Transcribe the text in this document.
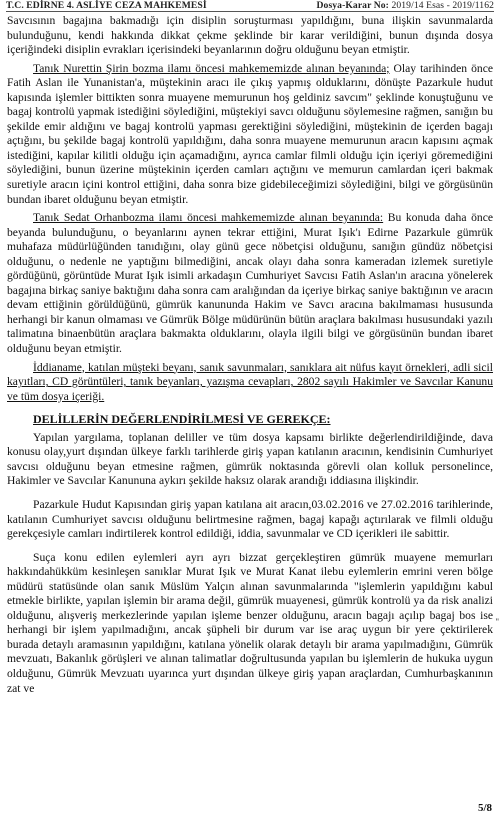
T.C. EDİRNE 4. ASLİYE CEZA MAHKEMESİ	Dosya-Karar No: 2019/14 Esas - 2019/1162

Savcısının bagajına bakmadığı için disiplin soruşturması yapıldığını, buna ilişkin savunmalarda bulunduğunu, kendi hakkında dikkat çekme şeklinde bir karar verildiğini, bunun dışında dosya içeriğindeki disiplin evrakları içerisindeki beyanlarının doğru olduğunu beyan etmiştir.

Tanık Nurettin Şirin bozma ilamı öncesi mahkememizde alınan beyanında; Olay tarihinden önce Fatih Aslan ile Yunanistan'a, müştekinin aracı ile çıkış yapmış olduklarını, dönüşte Pazarkule hudut kapısında işlemler bittikten sonra muayene memurunun hoş geldiniz savcım" şeklinde konuştuğunu ve bagaj kontrolü yapmak istediğini söylediğini, müştekiyi savcı olduğunu söylemesine rağmen, sanığın bu şekilde emir aldığını ve bagaj kontrolü yapması gerektiğini söylediğini, müştekinin de içerden bagajı açtığını, bu şekilde bagaj kontrolü yapıldığını, daha sonra muayene memurunun aracın kapısını açmak istediğini, kapılar kilitli olduğu için açamadığını, ayrıca camlar filmli olduğu için içeriyi göremediğini söylediğini, bunun üzerine müştekinin içerden camları açtığını ve memurun camlardan içeri bakmak suretiyle aracın içini kontrol ettiğini, daha sonra bize gidebileceğimizi söylediğini, bilgi ve görgüsünün bundan ibaret olduğunu beyan etmiştir.

Tanık Sedat Orhanbozma ilamı öncesi mahkememizde alınan beyanında: Bu konuda daha önce beyanda bulunduğunu, o beyanlarını aynen tekrar ettiğini, Murat Işık'ı Edirne Pazarkule gümrük muhafaza müdürlüğünden tanıdığını, olay günü gece nöbetçisi olduğunu, sanığın gündüz nöbetçisi olduğunu, o nedenle ne yaptığını bilmediğini, ancak olayı daha sonra kameradan izlemek suretiyle gördüğünü, görüntüde Murat Işık isimli arkadaşın Cumhuriyet Savcısı Fatih Aslan'ın aracına yönelerek bagajına birkaç saniye baktığını daha sonra cam aralığından da içeriye birkaç saniye baktığının ve aracın devam ettiğinin görüldüğünü, gümrük kanununda Hakim ve Savcı aracına bakılmaması hususunda herhangi bir kanun olmaması ve Gümrük Bölge müdürünün bütün araçlara bakılması hususundaki yazılı talimatına binaenbütün araçlara bakmakta olduklarını, olayla ilgili bilgi ve görgüsünün bundan ibaret olduğunu beyan etmiştir.

İddianame, katılan müşteki beyanı, sanık savunmaları, sanıklara ait nüfus kayıt örnekleri, adli sicil kayıtları, CD görüntüleri, tanık beyanları, yazışma cevapları, 2802 sayılı Hakimler ve Savcılar Kanunu ve tüm dosya içeriği.

DELİLLERİN DEĞERLENDİRİLMESİ VE GEREKÇE:

Yapılan yargılama, toplanan deliller ve tüm dosya kapsamı birlikte değerlendirildiğinde, dava konusu olay,yurt dışından ülkeye farklı tarihlerde giriş yapan katılanın aracının, kendisinin Cumhuriyet savcısı olduğunu beyan etmesine rağmen, gümrük noktasında görevli olan kolluk personelince, Hakimler ve Savcılar Kanununa aykırı şekilde haksız olarak arandığı iddiasına ilişkindir.

Pazarkule Hudut Kapısından giriş yapan katılana ait aracın,03.02.2016 ve 27.02.2016 tarihlerinde, katılanın Cumhuriyet savcısı olduğunu belirtmesine rağmen, bagaj kapağı açtırılarak ve filmli olduğu gerekçesiyle camları indirtilerek kontrol edildiği, iddia, savunmalar ve CD içerikleri ile sabittir.

Suça konu edilen eylemleri ayrı ayrı bizzat gerçekleştiren gümrük muayene memurları hakkındahükküm kesinleşen sanıklar Murat Işık ve Murat Kanat ilebu eylemlerin emrini veren bölge müdürü statüsünde olan sanık Müslüm Yalçın alınan savunmalarında "işlemlerin yapıldığını kabul etmekle birlikte, yapılan işlemin bir arama değil, gümrük muayenesi, gümrük kontrolü ya da risk analizi olduğunu, alışveriş merkezlerinde yapılan işleme benzer olduğunu, aracın bagajı açılıp bagaj bos ise herhangi bir işlem yapılmadığını, ancak şüpheli bir durum var ise araç uygun bir yere çektirilerek burada detaylı aramasının yapıldığını, katılana yönelik olarak detaylı bir arama yapılmadığını, Gümrük mevzuatı, Bakanlık görüşleri ve alınan talimatlar doğrultusunda yapılan bu işlemlerin de hukuka uygun olduğunu, Gümrük Mevzuatı uyarınca yurt dışından ülkeye giriş yapan araçlardan, Cumhurbaşkanının zat ve

"
5/8
